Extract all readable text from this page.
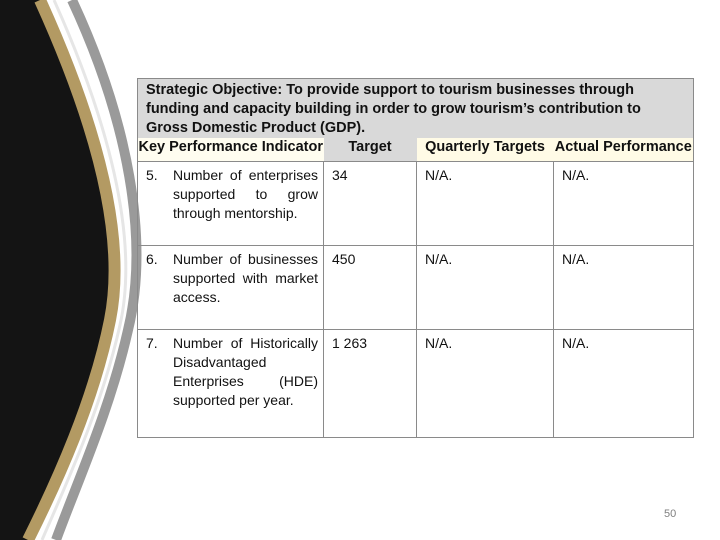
Strategic Objective: To provide support to tourism businesses through funding and capacity building in order to grow tourism’s contribution to Gross Domestic Product (GDP).			
Key Performance Indicator	Target	Quarterly Targets	Actual Performance

5. Number of enterprises supported to grow through mentorship.	34	N/A.	N/A.

6. Number of businesses supported with market access.	450	N/A.	N/A.

7. Number of Historically Disadvantaged Enterprises (HDE) supported per year.	1 263	N/A.	N/A.
50
